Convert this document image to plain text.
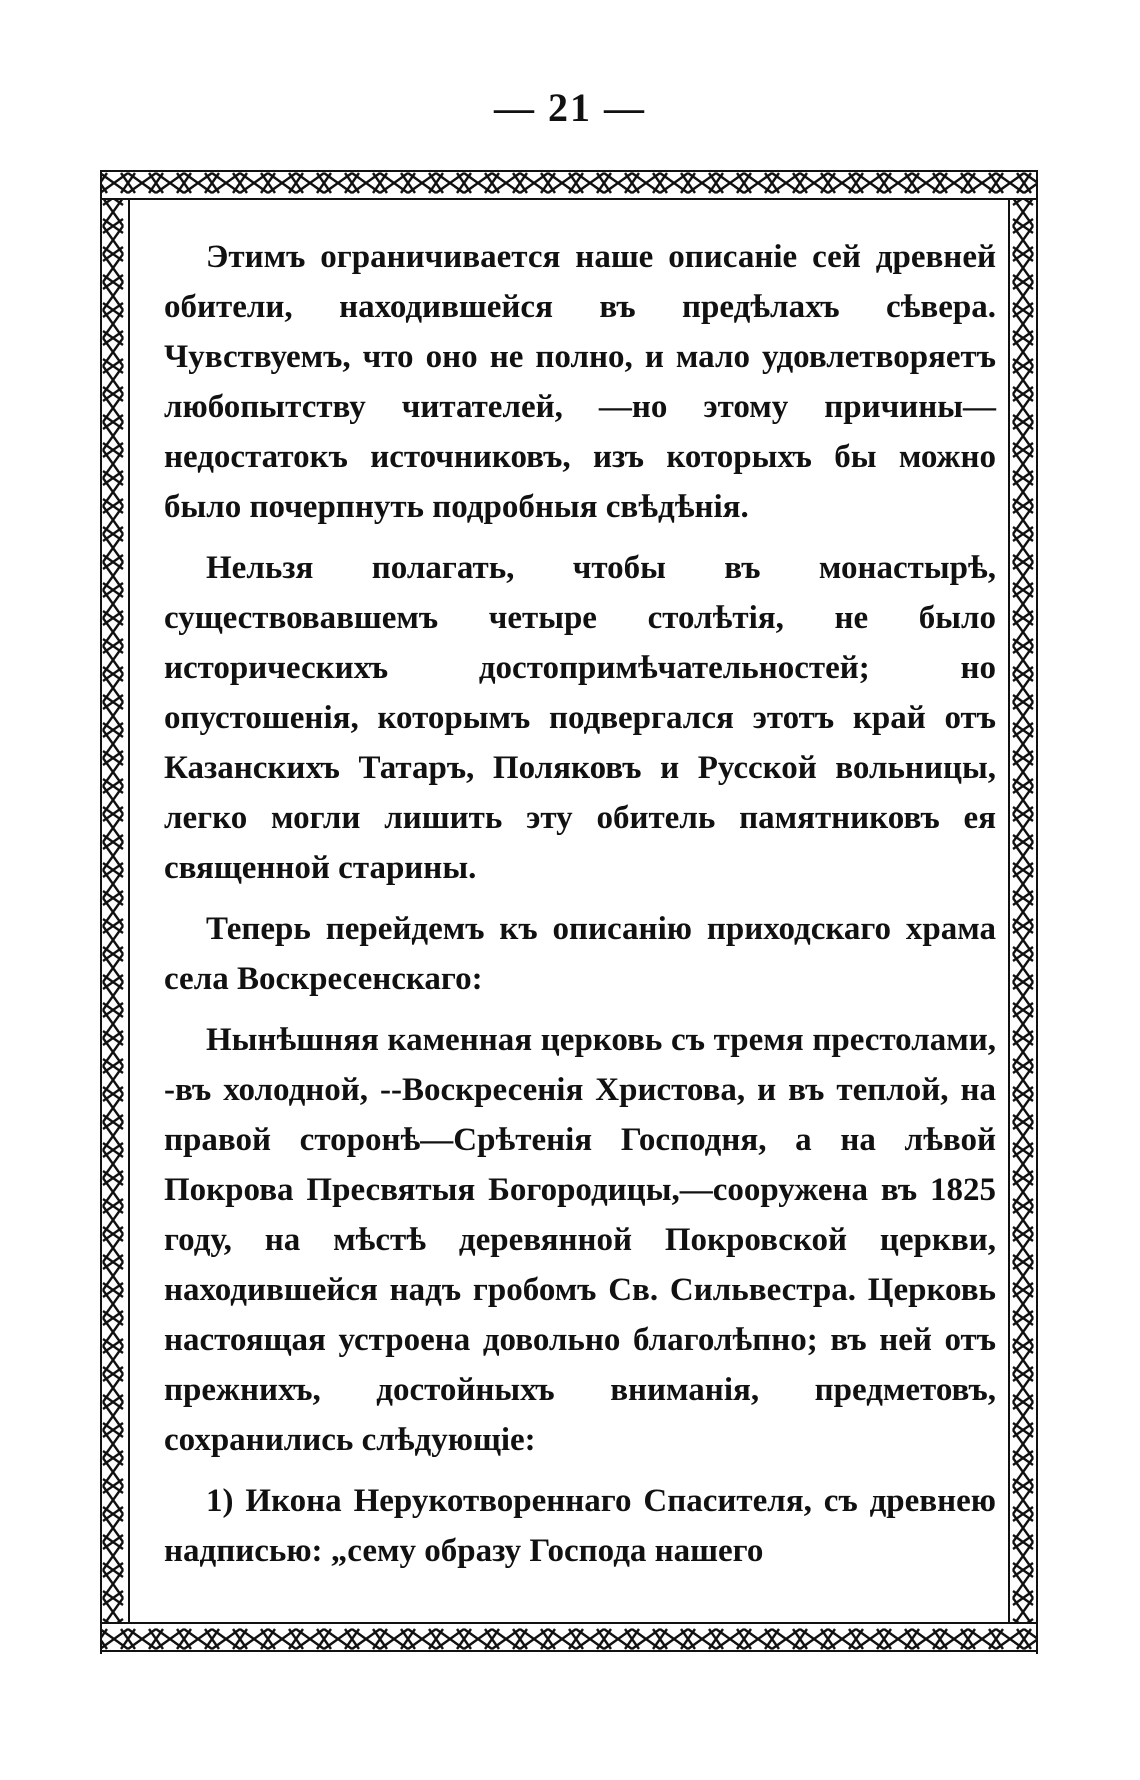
— 21 —

Этимъ ограничивается наше описаніе сей древней обители, находившейся въ предѣлахъ сѣвера. Чувствуемъ, что оно не полно, и мало удовлетворяетъ любопытству читателей, —но этому причины—недостатокъ источниковъ, изъ которыхъ бы можно было почерпнуть подробныя свѣдѣнія.

Нельзя полагать, чтобы въ монастырѣ, существовавшемъ четыре столѣтія, не было историческихъ достопримѣчательностей; но опустошенія, которымъ подвергался этотъ край отъ Казанскихъ Татаръ, Поляковъ и Русской вольницы, легко могли лишить эту обитель памятниковъ ея священной старины.

Теперь перейдемъ къ описанію приходскаго храма села Воскресенскаго:

Нынѣшняя каменная церковь съ тремя престолами, -въ холодной, --Воскресенія Христова, и въ теплой, на правой сторонѣ—Срѣтенія Господня, а на лѣвой Покрова Пресвятыя Богородицы,—сооружена въ 1825 году, на мѣстѣ деревянной Покровской церкви, находившейся надъ гробомъ Св. Сильвестра. Церковь настоящая устроена довольно благолѣпно; въ ней отъ прежнихъ, достойныхъ вниманія, предметовъ, сохранились слѣдующіе:

1) Икона Нерукотвореннаго Спасителя, съ древнею надписью: „сему образу Господа нашего
